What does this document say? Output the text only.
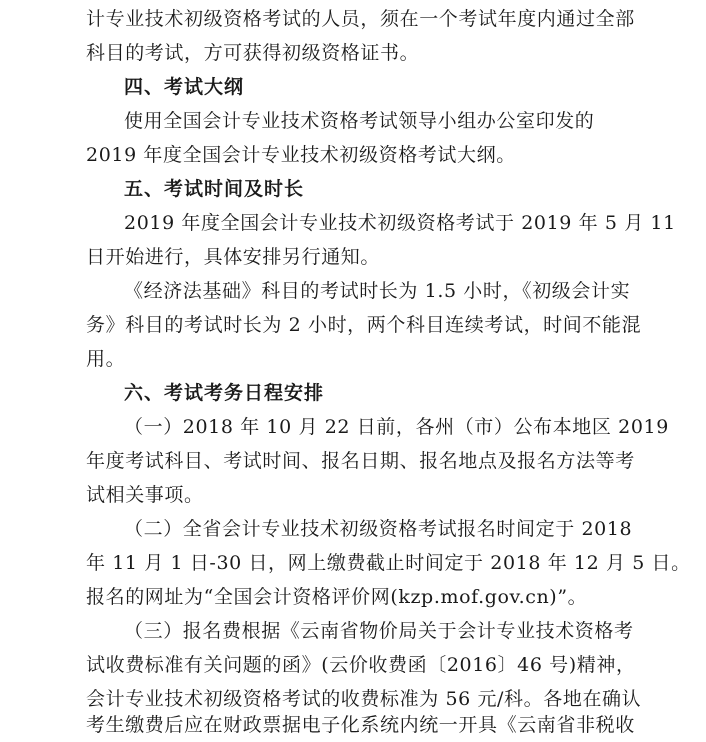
计专业技术初级资格考试的人员，须在一个考试年度内通过全部
科目的考试，方可获得初级资格证书。
四、考试大纲
使用全国会计专业技术资格考试领导小组办公室印发的
2019 年度全国会计专业技术初级资格考试大纲。
五、考试时间及时长
2019 年度全国会计专业技术初级资格考试于 2019 年 5 月 11
日开始进行，具体安排另行通知。
《经济法基础》科目的考试时长为 1.5 小时，《初级会计实
务》科目的考试时长为 2 小时，两个科目连续考试，时间不能混
用。
六、考试考务日程安排
（一）2018 年 10 月 22 日前，各州（市）公布本地区 2019
年度考试科目、考试时间、报名日期、报名地点及报名方法等考
试相关事项。
（二）全省会计专业技术初级资格考试报名时间定于 2018
年 11 月 1 日-30 日，网上缴费截止时间定于 2018 年 12 月 5 日。
报名的网址为“全国会计资格评价网(kzp.mof.gov.cn)”。
（三）报名费根据《云南省物价局关于会计专业技术资格考
试收费标准有关问题的函》(云价收费函〔2016〕46 号)精神，
会计专业技术初级资格考试的收费标准为 56 元/科。各地在确认
考生缴费后应在财政票据电子化系统内统一开具《云南省非税收
